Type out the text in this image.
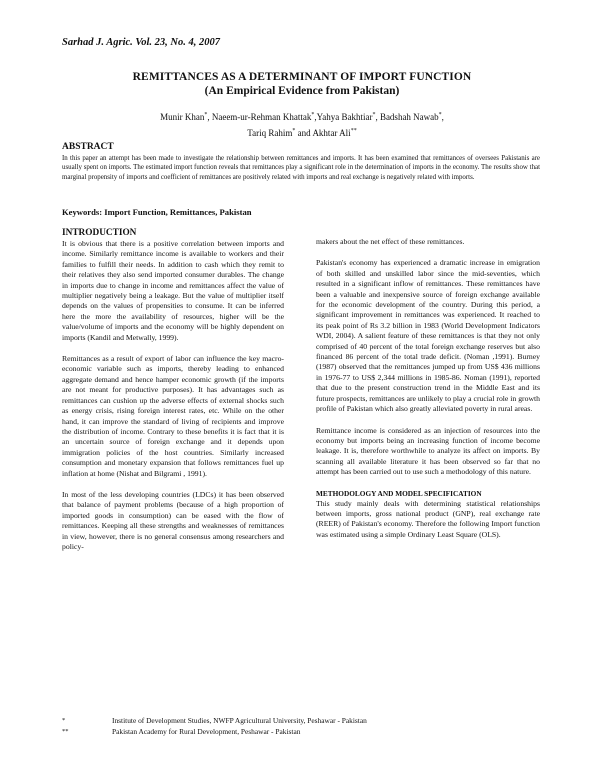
Sarhad J. Agric. Vol. 23, No. 4, 2007
REMITTANCES AS A DETERMINANT OF IMPORT FUNCTION
(An Empirical Evidence from Pakistan)
Munir Khan*, Naeem-ur-Rehman Khattak*,Yahya Bakhtiar*, Badshah Nawab*,
Tariq Rahim* and Akhtar Ali**
ABSTRACT
In this paper an attempt has been made to investigate the relationship between remittances and imports. It has been examined that remittances of oversees Pakistanis are usually spent on imports. The estimated import function reveals that remittances play a significant role in the determination of imports in the economy. The results show that marginal propensity of imports and coefficient of remittances are positively related with imports and real exchange is negatively related with imports.
Keywords: Import Function, Remittances, Pakistan
INTRODUCTION

It is obvious that there is a positive correlation between imports and income. Similarly remittance income is available to workers and their families to fulfill their needs. In addition to cash which they remit to their relatives they also send imported consumer durables. The change in imports due to change in income and remittances affect the value of multiplier negatively being a leakage. But the value of multiplier itself depends on the values of propensities to consume. It can be inferred here the more the availability of resources, higher will be the value/volume of imports and the economy will be highly dependent on imports (Kandil and Metwally, 1999).

Remittances as a result of export of labor can influence the key macro-economic variable such as imports, thereby leading to enhanced aggregate demand and hence hamper economic growth (if the imports are not meant for productive purposes). It has advantages such as remittances can cushion up the adverse effects of external shocks such as energy crisis, rising foreign interest rates, etc. While on the other hand, it can improve the standard of living of recipients and improve the distribution of income. Contrary to these benefits it is fact that it is an uncertain source of foreign exchange and it depends upon immigration policies of the host countries. Similarly increased consumption and monetary expansion that follows remittances fuel up inflation at home (Nishat and Bilgrami , 1991).

In most of the less developing countries (LDCs) it has been observed that balance of payment problems (because of a high proportion of imported goods in consumption) can be eased with the flow of remittances. Keeping all these strengths and weaknesses of remittances in view, however, there is no general consensus among researchers and policy-

makers about the net effect of these remittances.

Pakistan's economy has experienced a dramatic increase in emigration of both skilled and unskilled labor since the mid-seventies, which resulted in a significant inflow of remittances. These remittances have been a valuable and inexpensive source of foreign exchange available for the economic development of the country. During this period, a significant improvement in remittances was experienced. It reached to its peak point of Rs 3.2 billion in 1983 (World Development Indicators WDI, 2004). A salient feature of these remittances is that they not only comprised of 40 percent of the total foreign exchange reserves but also financed 86 percent of the total trade deficit. (Noman ,1991). Burney (1987) observed that the remittances jumped up from US$ 436 millions in 1976-77 to US$ 2,344 millions in 1985-86. Noman (1991), reported that due to the present construction trend in the Middle East and its future prospects, remittances are unlikely to play a crucial role in growth profile of Pakistan which also greatly alleviated poverty in rural areas.

Remittance income is considered as an injection of resources into the economy but imports being an increasing function of income become leakage. It is, therefore worthwhile to analyze its affect on imports. By scanning all available literature it has been observed so far that no attempt has been carried out to use such a methodology of this nature.

METHODOLOGY AND MODEL SPECIFICATION

This study mainly deals with determining statistical relationships between imports, gross national product (GNP), real exchange rate (REER) of Pakistan's economy. Therefore the following Import function was estimated using a simple Ordinary Least Square (OLS).

*	Institute of Development Studies, NWFP Agricultural University, Peshawar - Pakistan
**	Pakistan Academy for Rural Development, Peshawar - Pakistan
